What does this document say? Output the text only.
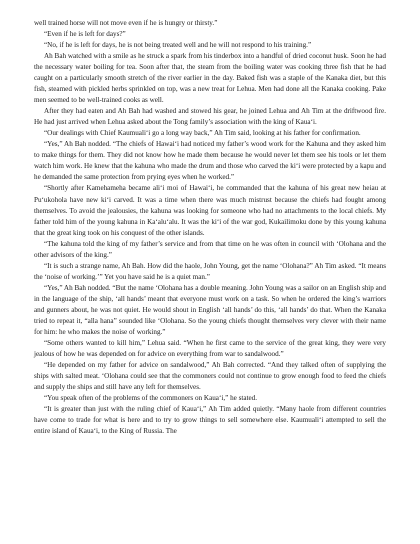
well trained horse will not move even if he is hungry or thirsty.”

“Even if he is left for days?”

“No, if he is left for days, he is not being treated well and he will not respond to his training.”

Ah Bah watched with a smile as he struck a spark from his tinderbox into a handful of dried coconut husk. Soon he had the necessary water boiling for tea. Soon after that, the steam from the boiling water was cooking three fish that he had caught on a particularly smooth stretch of the river earlier in the day. Baked fish was a staple of the Kanaka diet, but this fish, steamed with pickled herbs sprinkled on top, was a new treat for Lehua. Men had done all the Kanaka cooking. Pake men seemed to be well-trained cooks as well.

After they had eaten and Ah Bah had washed and stowed his gear, he joined Lehua and Ah Tim at the driftwood fire. He had just arrived when Lehua asked about the Tong family’s association with the king of Kaua‘i.

“Our dealings with Chief Kaumuali‘i go a long way back,” Ah Tim said, looking at his father for confirmation.

“Yes,” Ah Bah nodded. “The chiefs of Hawai‘i had noticed my father’s wood work for the Kahuna and they asked him to make things for them. They did not know how he made them because he would never let them see his tools or let them watch him work. He knew that the kahuna who made the drum and those who carved the ki‘i were protected by a kapu and he demanded the same protection from prying eyes when he worked.”

“Shortly after Kamehameha became ali‘i moi of Hawai‘i, he commanded that the kahuna of his great new heiau at Pu‘ukohola have new ki‘i carved. It was a time when there was much mistrust because the chiefs had fought among themselves. To avoid the jealousies, the kahuna was looking for someone who had no attachments to the local chiefs. My father told him of the young kahuna in Ka‘alu‘alu. It was the ki‘i of the war god, Kukailimoku done by this young kahuna that the great king took on his conquest of the other islands.

“The kahuna told the king of my father’s service and from that time on he was often in council with ‘Olohana and the other advisors of the king.”

“It is such a strange name, Ah Bah. How did the haole, John Young, get the name ‘Olohana?” Ah Tim asked. “It means the ‘noise of working.’” Yet you have said he is a quiet man.”

“Yes,” Ah Bah nodded. “But the name ‘Olohana has a double meaning. John Young was a sailor on an English ship and in the language of the ship, ‘all hands’ meant that everyone must work on a task. So when he ordered the king’s warriors and gunners about, he was not quiet. He would shout in English ‘all hands’ do this, ‘all hands’ do that. When the Kanaka tried to repeat it, “alla hana” sounded like ‘Olohana. So the young chiefs thought themselves very clever with their name for him: he who makes the noise of working.”

“Some others wanted to kill him,” Lehua said. “When he first came to the service of the great king, they were very jealous of how he was depended on for advice on everything from war to sandalwood.”

“He depended on my father for advice on sandalwood,” Ah Bah corrected. “And they talked often of supplying the ships with salted meat. ‘Olohana could see that the commoners could not continue to grow enough food to feed the chiefs and supply the ships and still have any left for themselves.

“You speak often of the problems of the commoners on Kaua‘i,” he stated.

“It is greater than just with the ruling chief of Kaua‘i,” Ah Tim added quietly. “Many haole from different countries have come to trade for what is here and to try to grow things to sell somewhere else. Kaumuali‘i attempted to sell the entire island of Kaua‘i, to the King of Russia. The
